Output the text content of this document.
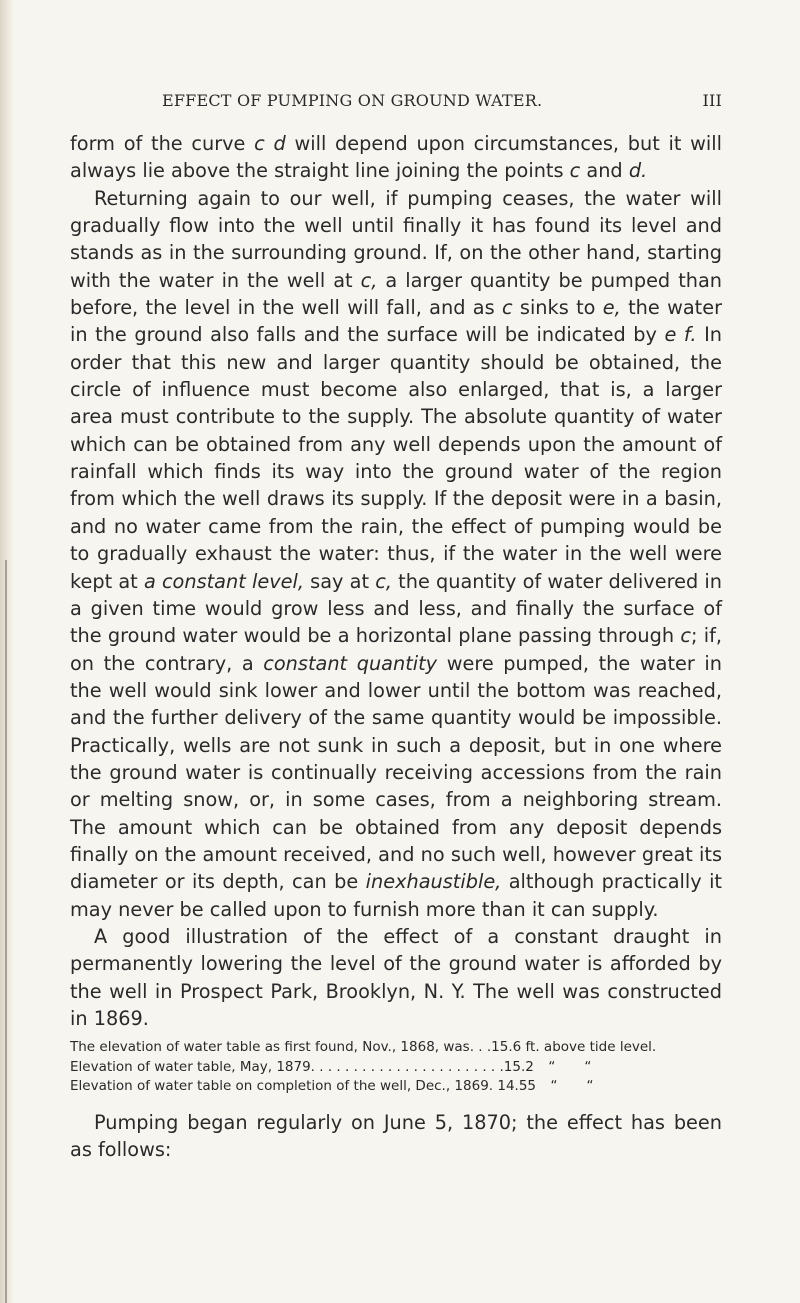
EFFECT OF PUMPING ON GROUND WATER.	III

form of the curve c d will depend upon circumstances, but it will always lie above the straight line joining the points c and d.

Returning again to our well, if pumping ceases, the water will gradually flow into the well until finally it has found its level and stands as in the surrounding ground. If, on the other hand, starting with the water in the well at c, a larger quantity be pumped than before, the level in the well will fall, and as c sinks to e, the water in the ground also falls and the surface will be indicated by e f. In order that this new and larger quantity should be obtained, the circle of influence must become also enlarged, that is, a larger area must contribute to the supply. The absolute quantity of water which can be obtained from any well depends upon the amount of rainfall which finds its way into the ground water of the region from which the well draws its supply. If the deposit were in a basin, and no water came from the rain, the effect of pumping would be to gradually exhaust the water: thus, if the water in the well were kept at a constant level, say at c, the quantity of water delivered in a given time would grow less and less, and finally the surface of the ground water would be a horizontal plane passing through c; if, on the contrary, a constant quantity were pumped, the water in the well would sink lower and lower until the bottom was reached, and the further delivery of the same quantity would be impossible. Practically, wells are not sunk in such a deposit, but in one where the ground water is continually receiving accessions from the rain or melting snow, or, in some cases, from a neighboring stream. The amount which can be obtained from any deposit depends finally on the amount received, and no such well, however great its diameter or its depth, can be inexhaustible, although practically it may never be called upon to furnish more than it can supply.

A good illustration of the effect of a constant draught in permanently lowering the level of the ground water is afforded by the well in Prospect Park, Brooklyn, N. Y. The well was constructed in 1869.

The elevation of water table as first found, Nov., 1868, was. . .15.6 ft. above tide level.
Elevation of water table, May, 1879. . . . . . . . . . . . . . . . . . . . . . .15.2 “ “
Elevation of water table on completion of the well, Dec., 1869. 14.55 “ “

Pumping began regularly on June 5, 1870; the effect has been as follows:
